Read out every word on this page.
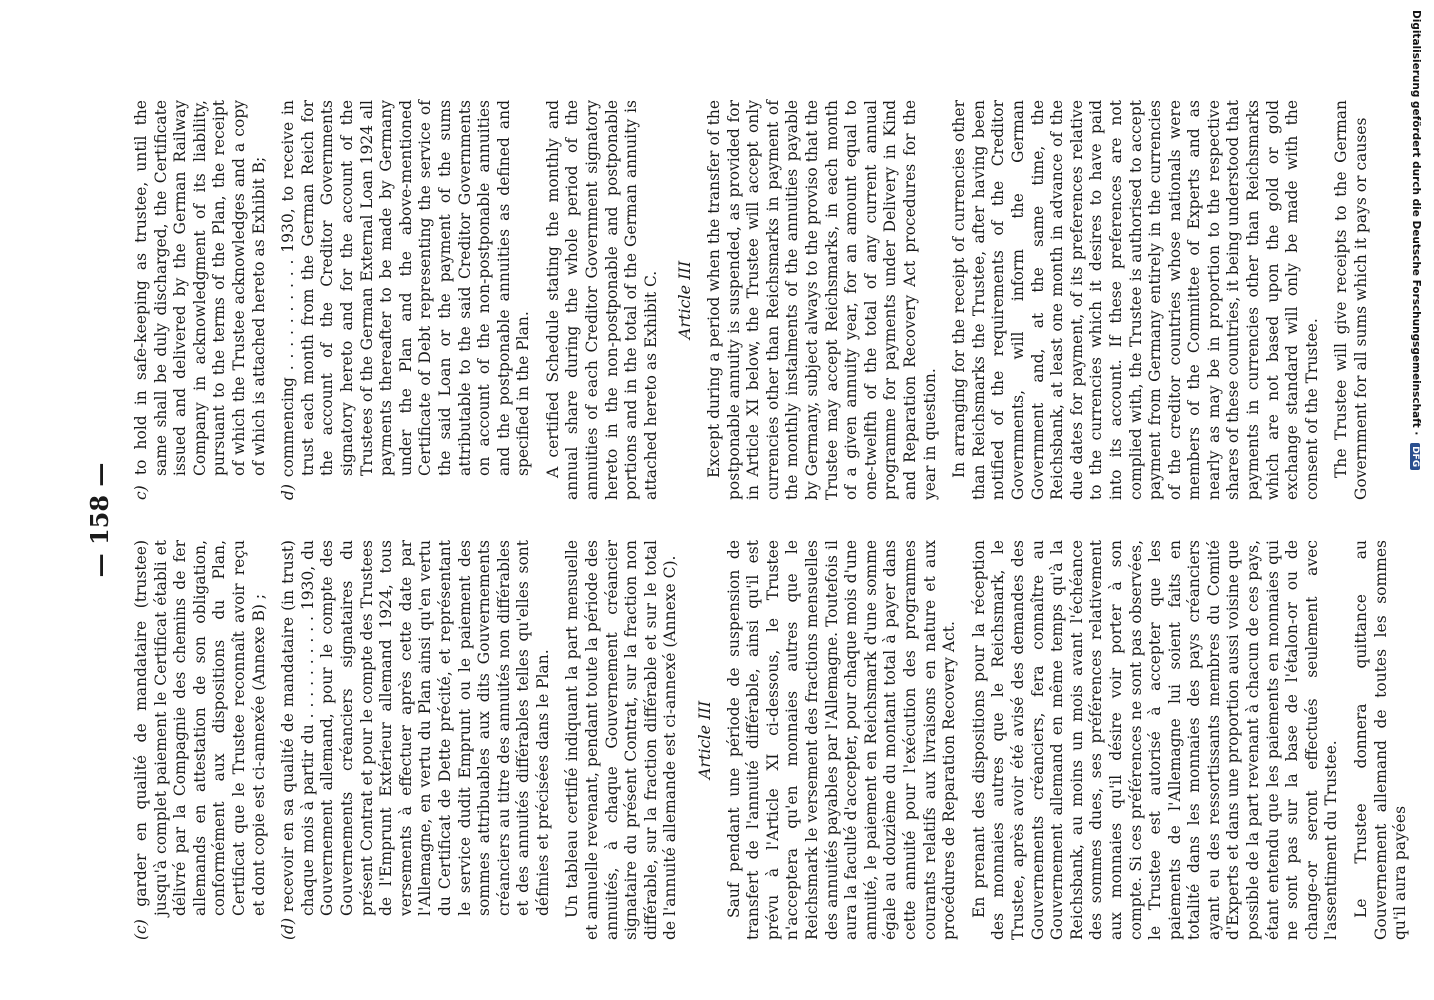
— 158 —

(c) garder en qualité de mandataire (trustee) jusqu'à complet paiement le Certificat établi et délivré par la Compagnie des chemins de fer allemands en attestation de son obligation, conformément aux dispositions du Plan, Certificat que le Trustee reconnaît avoir reçu et dont copie est ci-annexée (Annexe B) ;

(d) recevoir en sa qualité de mandataire (in trust) chaque mois à partir du . . . . . . . . . . 1930, du Gouvernement allemand, pour le compte des Gouvernements créanciers signataires du présent Contrat et pour le compte des Trustees de l'Emprunt Extérieur allemand 1924, tous versements à effectuer après cette date par l'Allemagne, en vertu du Plan ainsi qu'en vertu du Certificat de Dette précité, et représentant le service dudit Emprunt ou le paiement des sommes attribuables aux dits Gouvernements créanciers au titre des annuités non différables et des annuités différables telles qu'elles sont définies et précisées dans le Plan. Un tableau certifié indiquant la part mensuelle et annuelle revenant, pendant toute la période des annuités, à chaque Gouvernement créancier signataire du présent Contrat, sur la fraction non différable, sur la fraction différable et sur le total de l'annuité allemande est ci-annexé (Annexe C). Article III Sauf pendant une période de suspension de transfert de l'annuité différable, ainsi qu'il est prévu à l'Article XI ci-dessous, le Trustee n'acceptera qu'en monnaies autres que le Reichsmark le versement des fractions mensuelles des annuités payables par l'Allemagne. Toutefois il aura la faculté d'accepter, pour chaque mois d'une annuité, le paiement en Reichsmark d'une somme égale au douzième du montant total à payer dans cette annuité pour l'exécution des programmes courants relatifs aux livraisons en nature et aux procédures de Reparation Recovery Act. En prenant des dispositions pour la réception des monnaies autres que le Reichsmark, le Trustee, après avoir été avisé des demandes des Gouvernements créanciers, fera connaître au Gouvernement allemand en même temps qu'à la Reichsbank, au moins un mois avant l'échéance des sommes dues, ses préférences relativement aux monnaies qu'il désire voir porter à son compte. Si ces préférences ne sont pas observées, le Trustee est autorisé à accepter que les paiements de l'Allemagne lui soient faits en totalité dans les monnaies des pays créanciers ayant eu des ressortissants membres du Comité d'Experts et dans une proportion aussi voisine que possible de la part revenant à chacun de ces pays, étant entendu que les paiements en monnaies qui ne sont pas sur la base de l'étalon-or ou de change-or seront effectués seulement avec l'assentiment du Trustee. Le Trustee donnera quittance au Gouvernement allemand de toutes les sommes qu'il aura payées

c) to hold in safe-keeping as trustee, until the same shall be duly discharged, the Certificate issued and delivered by the German Railway Company in acknowledgment of its liability, pursuant to the terms of the Plan, the receipt of which the Trustee acknowledges and a copy of which is attached hereto as Exhibit B;

d) commencing . . . . . . . . . . 1930, to receive in trust each month from the German Reich for the account of the Creditor Governments signatory hereto and for the account of the Trustees of the German External Loan 1924 all payments thereafter to be made by Germany under the Plan and the above-mentioned Certificate of Debt representing the service of the said Loan or the payment of the sums attributable to the said Creditor Governments on account of the non-postponable annuities and the postponable annuities as defined and specified in the Plan. A certified Schedule stating the monthly and annual share during the whole period of the annuities of each Creditor Government signatory hereto in the non-postponable and postponable portions and in the total of the German annuity is attached hereto as Exhibit C. Article III Except during a period when the transfer of the postponable annuity is suspended, as provided for in Article XI below, the Trustee will accept only currencies other than Reichsmarks in payment of the monthly instalments of the annuities payable by Germany, subject always to the proviso that the Trustee may accept Reichsmarks, in each month of a given annuity year, for an amount equal to one-twelfth of the total of any current annual programme for payments under Delivery in Kind and Reparation Recovery Act procedures for the year in question. In arranging for the receipt of currencies other than Reichsmarks the Trustee, after having been notified of the requirements of the Creditor Governments, will inform the German Government and, at the same time, the Reichsbank, at least one month in advance of the due dates for payment, of its preferences relative to the currencies which it desires to have paid into its account. If these preferences are not complied with, the Trustee is authorised to accept payment from Germany entirely in the currencies of the creditor countries whose nationals were members of the Committee of Experts and as nearly as may be in proportion to the respective shares of these countries, it being understood that payments in currencies other than Reichsmarks which are not based upon the gold or gold exchange standard will only be made with the consent of the Trustee. The Trustee will give receipts to the German Government for all sums which it pays or causes	Digitalisierung gefördert durch die Deutsche Forschungsgemeinschaft · DFG
